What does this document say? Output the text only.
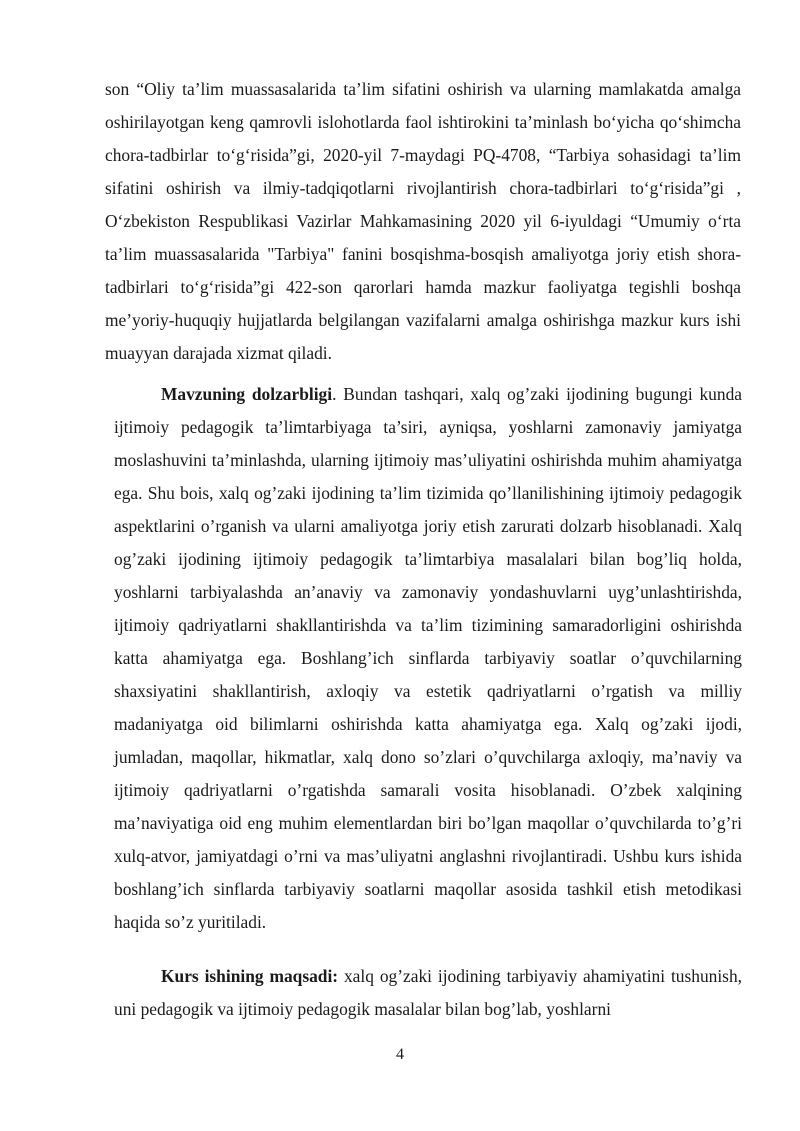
son “Oliy ta’lim muassasalarida ta’lim sifatini oshirish va ularning mamlakatda amalga oshirilayotgan keng qamrovli islohotlarda faol ishtirokini ta’minlash bo‘yicha qo‘shimcha chora-tadbirlar to‘g‘risida”gi, 2020-yil 7-maydagi PQ-4708, “Tarbiya sohasidagi ta’lim sifatini oshirish va ilmiy-tadqiqotlarni rivojlantirish chora-tadbirlari to‘g‘risida”gi , O‘zbekiston Respublikasi Vazirlar Mahkamasining 2020 yil 6-iyuldagi “Umumiy o‘rta ta’lim muassasalarida "Tarbiya" fanini bosqishma-bosqish amaliyotga joriy etish shora-tadbirlari to‘g‘risida”gi 422-son qarorlari hamda mazkur faoliyatga tegishli boshqa me’yoriy-huquqiy hujjatlarda belgilangan vazifalarni amalga oshirishga mazkur kurs ishi muayyan darajada xizmat qiladi.

Mavzuning dolzarbligi. Bundan tashqari, xalq og’zaki ijodining bugungi kunda ijtimoiy pedagogik ta’limtarbiyaga ta’siri, ayniqsa, yoshlarni zamonaviy jamiyatga moslashuvini ta’minlashda, ularning ijtimoiy mas’uliyatini oshirishda muhim ahamiyatga ega. Shu bois, xalq og’zaki ijodining ta’lim tizimida qo’llanilishining ijtimoiy pedagogik aspektlarini o’rganish va ularni amaliyotga joriy etish zarurati dolzarb hisoblanadi. Xalq og’zaki ijodining ijtimoiy pedagogik ta’limtarbiya masalalari bilan bog’liq holda, yoshlarni tarbiyalashda an’anaviy va zamonaviy yondashuvlarni uyg’unlashtirishda, ijtimoiy qadriyatlarni shakllantirishda va ta’lim tizimining samaradorligini oshirishda katta ahamiyatga ega. Boshlang’ich sinflarda tarbiyaviy soatlar o’quvchilarning shaxsiyatini shakllantirish, axloqiy va estetik qadriyatlarni o’rgatish va milliy madaniyatga oid bilimlarni oshirishda katta ahamiyatga ega. Xalq og’zaki ijodi, jumladan, maqollar, hikmatlar, xalq dono so’zlari o’quvchilarga axloqiy, ma’naviy va ijtimoiy qadriyatlarni o’rgatishda samarali vosita hisoblanadi. O’zbek xalqining ma’naviyatiga oid eng muhim elementlardan biri bo’lgan maqollar o’quvchilarda to’g’ri xulq-atvor, jamiyatdagi o’rni va mas’uliyatni anglashni rivojlantiradi. Ushbu kurs ishida boshlang’ich sinflarda tarbiyaviy soatlarni maqollar asosida tashkil etish metodikasi haqida so’z yuritiladi.

Kurs ishining maqsadi: xalq og’zaki ijodining tarbiyaviy ahamiyatini tushunish, uni pedagogik va ijtimoiy pedagogik masalalar bilan bog’lab, yoshlarni

4
